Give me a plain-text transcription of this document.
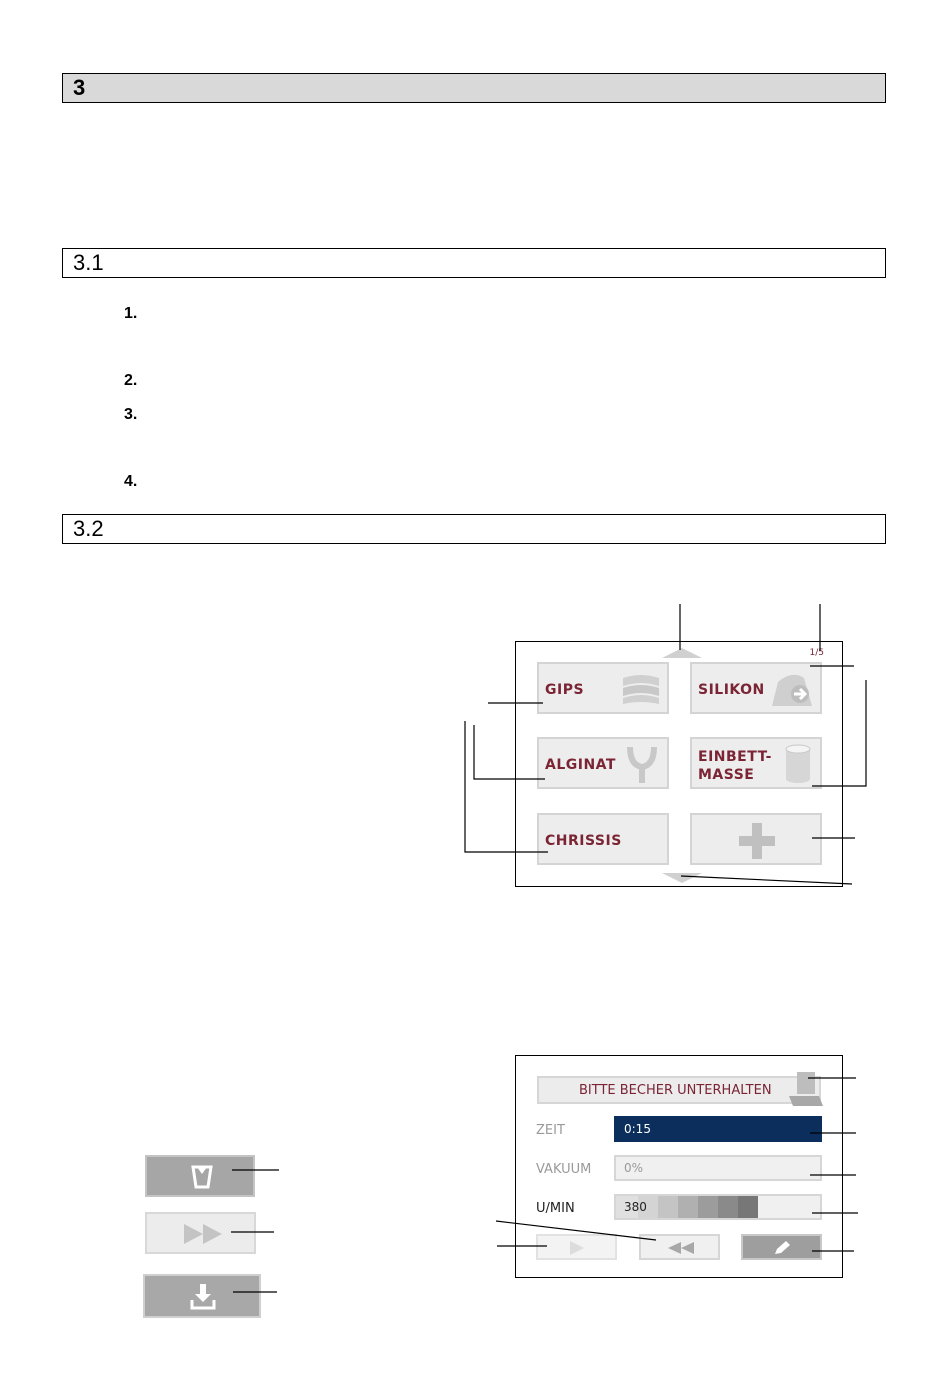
3
3.1
1.
2.
3.
4.
3.2
1/5
GIPS	SILIKON
ALGINAT	EINBETT-
MASSE
CHRISSIS
BITTE BECHER UNTERHALTEN
ZEIT	0:15
VAKUUM	0%
U/MIN	380
